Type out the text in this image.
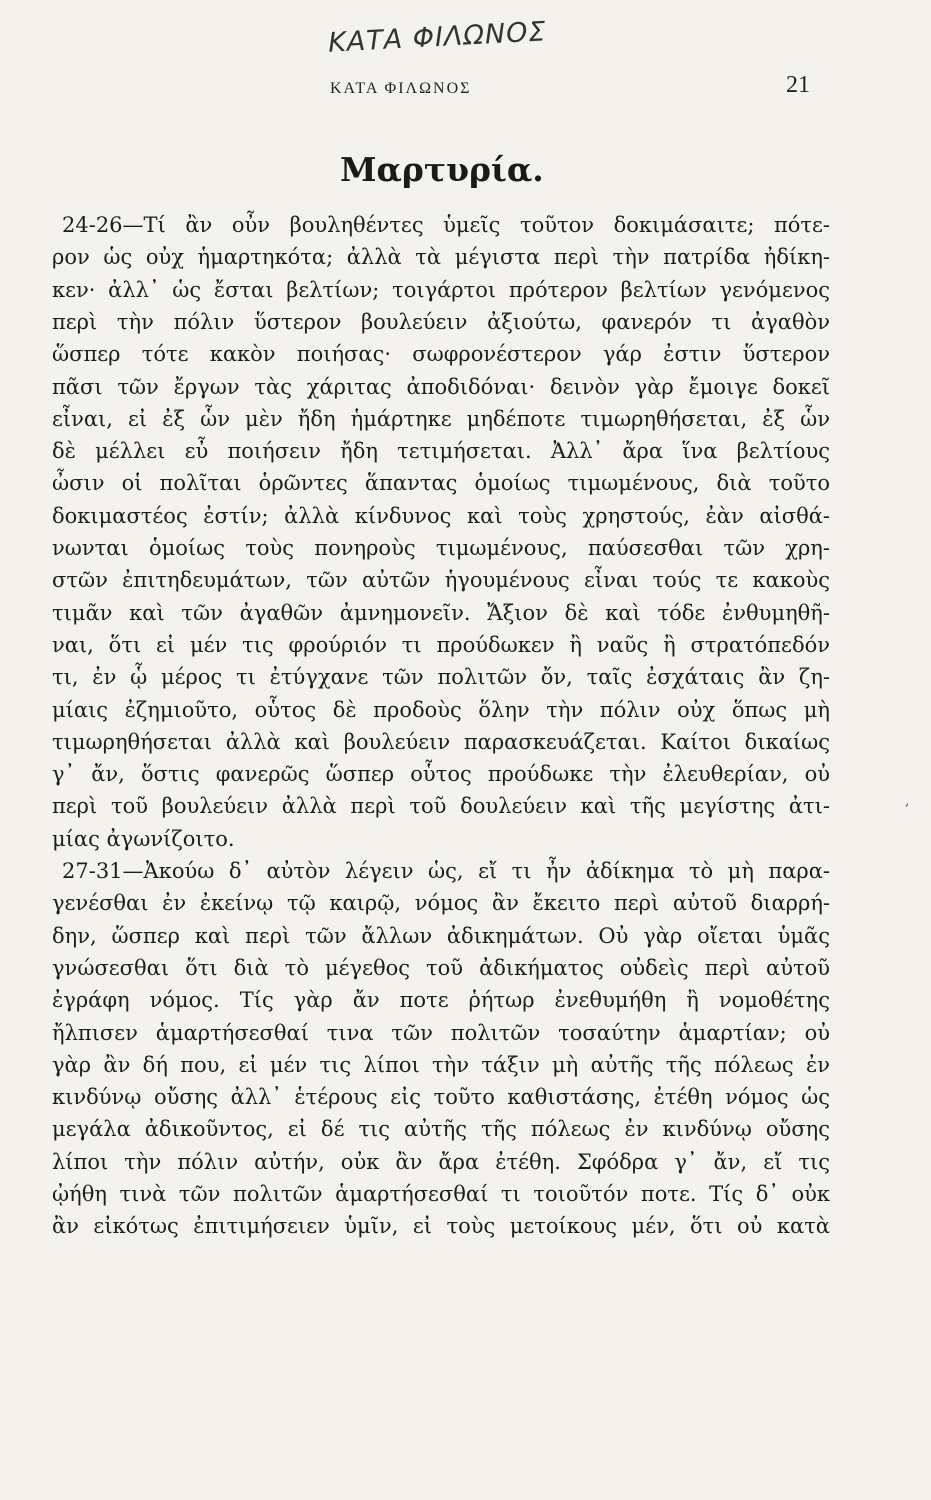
ΚΑΤΑ ΦΙΛΩΝΟΣ
ΚΑΤΑ ΦΙΛΩΝΟΣ	21
Μαρτυρία.
24-26—Τί ἂν οὖν βουληθέντες ὑμεῖς τοῦτον δοκιμάσαιτε; πότε-
ρον ὡς οὐχ ἡμαρτηκότα; ἀλλὰ τὰ μέγιστα περὶ τὴν πατρίδα ἠδίκη-
κεν· ἀλλ᾽ ὡς ἔσται βελτίων; τοιγάρτοι πρότερον βελτίων γενόμενος
περὶ τὴν πόλιν ὕστερον βουλεύειν ἀξιούτω, φανερόν τι ἀγαθὸν
ὥσπερ τότε κακὸν ποιήσας· σωφρονέστερον γάρ ἐστιν ὕστερον
πᾶσι τῶν ἔργων τὰς χάριτας ἀποδιδόναι· δεινὸν γὰρ ἔμοιγε δοκεῖ
εἶναι, εἰ ἐξ ὧν μὲν ἤδη ἡμάρτηκε μηδέποτε τιμωρηθήσεται, ἐξ ὧν
δὲ μέλλει εὖ ποιήσειν ἤδη τετιμήσεται. Ἀλλ᾽ ἄρα ἵνα βελτίους
ὦσιν οἱ πολῖται ὁρῶντες ἅπαντας ὁμοίως τιμωμένους, διὰ τοῦτο
δοκιμαστέος ἐστίν; ἀλλὰ κίνδυνος καὶ τοὺς χρηστούς, ἐὰν αἰσθά-
νωνται ὁμοίως τοὺς πονηροὺς τιμωμένους, παύσεσθαι τῶν χρη-
στῶν ἐπιτηδευμάτων, τῶν αὐτῶν ἡγουμένους εἶναι τούς τε κακοὺς
τιμᾶν καὶ τῶν ἀγαθῶν ἀμνημονεῖν. Ἄξιον δὲ καὶ τόδε ἐνθυμηθῆ-
ναι, ὅτι εἰ μέν τις φρούριόν τι προύδωκεν ἢ ναῦς ἢ στρατόπεδόν
τι, ἐν ᾧ μέρος τι ἐτύγχανε τῶν πολιτῶν ὄν, ταῖς ἐσχάταις ἂν ζη-
μίαις ἐζημιοῦτο, οὗτος δὲ προδοὺς ὅλην τὴν πόλιν οὐχ ὅπως μὴ
τιμωρηθήσεται ἀλλὰ καὶ βουλεύειν παρασκευάζεται. Καίτοι δικαίως
γ᾽ ἄν, ὅστις φανερῶς ὥσπερ οὗτος προύδωκε τὴν ἐλευθερίαν, οὐ
περὶ τοῦ βουλεύειν ἀλλὰ περὶ τοῦ δουλεύειν καὶ τῆς μεγίστης ἀτι-
μίας ἀγωνίζοιτο.
27-31—Ἀκούω δ᾽ αὐτὸν λέγειν ὡς, εἴ τι ἦν ἀδίκημα τὸ μὴ παρα-
γενέσθαι ἐν ἐκείνῳ τῷ καιρῷ, νόμος ἂν ἔκειτο περὶ αὐτοῦ διαρρή-
δην, ὥσπερ καὶ περὶ τῶν ἄλλων ἀδικημάτων. Οὐ γὰρ οἴεται ὑμᾶς
γνώσεσθαι ὅτι διὰ τὸ μέγεθος τοῦ ἀδικήματος οὐδεὶς περὶ αὐτοῦ
ἐγράφη νόμος. Τίς γὰρ ἄν ποτε ῥήτωρ ἐνεθυμήθη ἢ νομοθέτης
ἤλπισεν ἁμαρτήσεσθαί τινα τῶν πολιτῶν τοσαύτην ἁμαρτίαν; οὐ
γὰρ ἂν δή που, εἰ μέν τις λίποι τὴν τάξιν μὴ αὐτῆς τῆς πόλεως ἐν
κινδύνῳ οὔσης ἀλλ᾽ ἑτέρους εἰς τοῦτο καθιστάσης, ἐτέθη νόμος ὡς
μεγάλα ἀδικοῦντος, εἰ δέ τις αὐτῆς τῆς πόλεως ἐν κινδύνῳ οὔσης
λίποι τὴν πόλιν αὐτήν, οὐκ ἂν ἄρα ἐτέθη. Σφόδρα γ᾽ ἄν, εἴ τις
ᾠήθη τινὰ τῶν πολιτῶν ἁμαρτήσεσθαί τι τοιοῦτόν ποτε. Τίς δ᾽ οὐκ
ἂν εἰκότως ἐπιτιμήσειεν ὑμῖν, εἰ τοὺς μετοίκους μέν, ὅτι οὐ κατὰ
,
